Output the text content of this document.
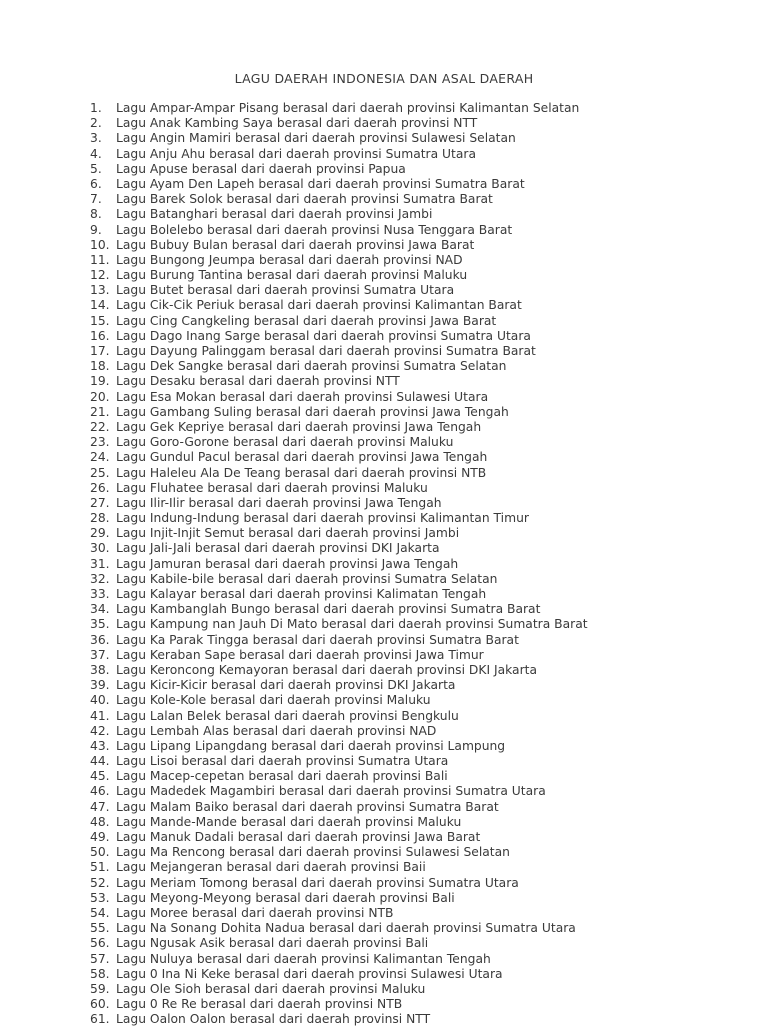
LAGU DAERAH INDONESIA DAN ASAL DAERAH
1.	Lagu Ampar-Ampar Pisang berasal dari daerah provinsi Kalimantan Selatan
2.	Lagu Anak Kambing Saya berasal dari daerah provinsi NTT
3.	Lagu Angin Mamiri berasal dari daerah provinsi Sulawesi Selatan
4.	Lagu Anju Ahu berasal dari daerah provinsi Sumatra Utara
5.	Lagu Apuse berasal dari daerah provinsi Papua
6.	Lagu Ayam Den Lapeh berasal dari daerah provinsi Sumatra Barat
7.	Lagu Barek Solok berasal dari daerah provinsi Sumatra Barat
8.	Lagu Batanghari berasal dari daerah provinsi Jambi
9.	Lagu Bolelebo berasal dari daerah provinsi Nusa Tenggara Barat
10. Lagu Bubuy Bulan berasal dari daerah provinsi Jawa Barat
11. Lagu Bungong Jeumpa berasal dari daerah provinsi NAD
12. Lagu Burung Tantina berasal dari daerah provinsi Maluku
13. Lagu Butet berasal dari daerah provinsi Sumatra Utara
14. Lagu Cik-Cik Periuk berasal dari daerah provinsi Kalimantan Barat
15. Lagu Cing Cangkeling berasal dari daerah provinsi Jawa Barat
16. Lagu Dago Inang Sarge berasal dari daerah provinsi Sumatra Utara
17. Lagu Dayung Palinggam berasal dari daerah provinsi Sumatra Barat
18. Lagu Dek Sangke berasal dari daerah provinsi Sumatra Selatan
19. Lagu Desaku berasal dari daerah provinsi NTT
20. Lagu Esa Mokan berasal dari daerah provinsi Sulawesi Utara
21. Lagu Gambang Suling berasal dari daerah provinsi Jawa Tengah
22. Lagu Gek Kepriye berasal dari daerah provinsi Jawa Tengah
23. Lagu Goro-Gorone berasal dari daerah provinsi Maluku
24. Lagu Gundul Pacul berasal dari daerah provinsi Jawa Tengah
25. Lagu Haleleu Ala De Teang berasal dari daerah provinsi NTB
26. Lagu Fluhatee berasal dari daerah provinsi Maluku
27. Lagu Ilir-Ilir berasal dari daerah provinsi Jawa Tengah
28. Lagu Indung-Indung berasal dari daerah provinsi Kalimantan Timur
29. Lagu Injit-Injit Semut berasal dari daerah provinsi Jambi
30. Lagu Jali-Jali berasal dari daerah provinsi DKI Jakarta
31. Lagu Jamuran berasal dari daerah provinsi Jawa Tengah
32. Lagu Kabile-bile berasal dari daerah provinsi Sumatra Selatan
33. Lagu Kalayar berasal dari daerah provinsi Kalimatan Tengah
34. Lagu Kambanglah Bungo berasal dari daerah provinsi Sumatra Barat
35. Lagu Kampung nan Jauh Di Mato berasal dari daerah provinsi Sumatra Barat
36. Lagu Ka Parak Tingga berasal dari daerah provinsi Sumatra Barat
37. Lagu Keraban Sape berasal dari daerah provinsi Jawa Timur
38. Lagu Keroncong Kemayoran berasal dari daerah provinsi DKI Jakarta
39. Lagu Kicir-Kicir berasal dari daerah provinsi DKI Jakarta
40. Lagu Kole-Kole berasal dari daerah provinsi Maluku
41. Lagu Lalan Belek berasal dari daerah provinsi Bengkulu
42. Lagu Lembah Alas berasal dari daerah provinsi NAD
43. Lagu Lipang Lipangdang berasal dari daerah provinsi Lampung
44. Lagu Lisoi berasal dari daerah provinsi Sumatra Utara
45. Lagu Macep-cepetan berasal dari daerah provinsi Bali
46. Lagu Madedek Magambiri berasal dari daerah provinsi Sumatra Utara
47. Lagu Malam Baiko berasal dari daerah provinsi Sumatra Barat
48. Lagu Mande-Mande berasal dari daerah provinsi Maluku
49. Lagu Manuk Dadali berasal dari daerah provinsi Jawa Barat
50. Lagu Ma Rencong berasal dari daerah provinsi Sulawesi Selatan
51. Lagu Mejangeran berasal dari daerah provinsi Baii
52. Lagu Meriam Tomong berasal dari daerah provinsi Sumatra Utara
53. Lagu Meyong-Meyong berasal dari daerah provinsi Bali
54. Lagu Moree berasal dari daerah provinsi NTB
55. Lagu Na Sonang Dohita Nadua berasal dari daerah provinsi Sumatra Utara
56. Lagu Ngusak Asik berasal dari daerah provinsi Bali
57. Lagu Nuluya berasal dari daerah provinsi Kalimantan Tengah
58. Lagu 0 Ina Ni Keke berasal dari daerah provinsi Sulawesi Utara
59. Lagu Ole Sioh berasal dari daerah provinsi Maluku
60. Lagu 0 Re Re berasal dari daerah provinsi NTB
61. Lagu Oalon Oalon berasal dari daerah provinsi NTT
